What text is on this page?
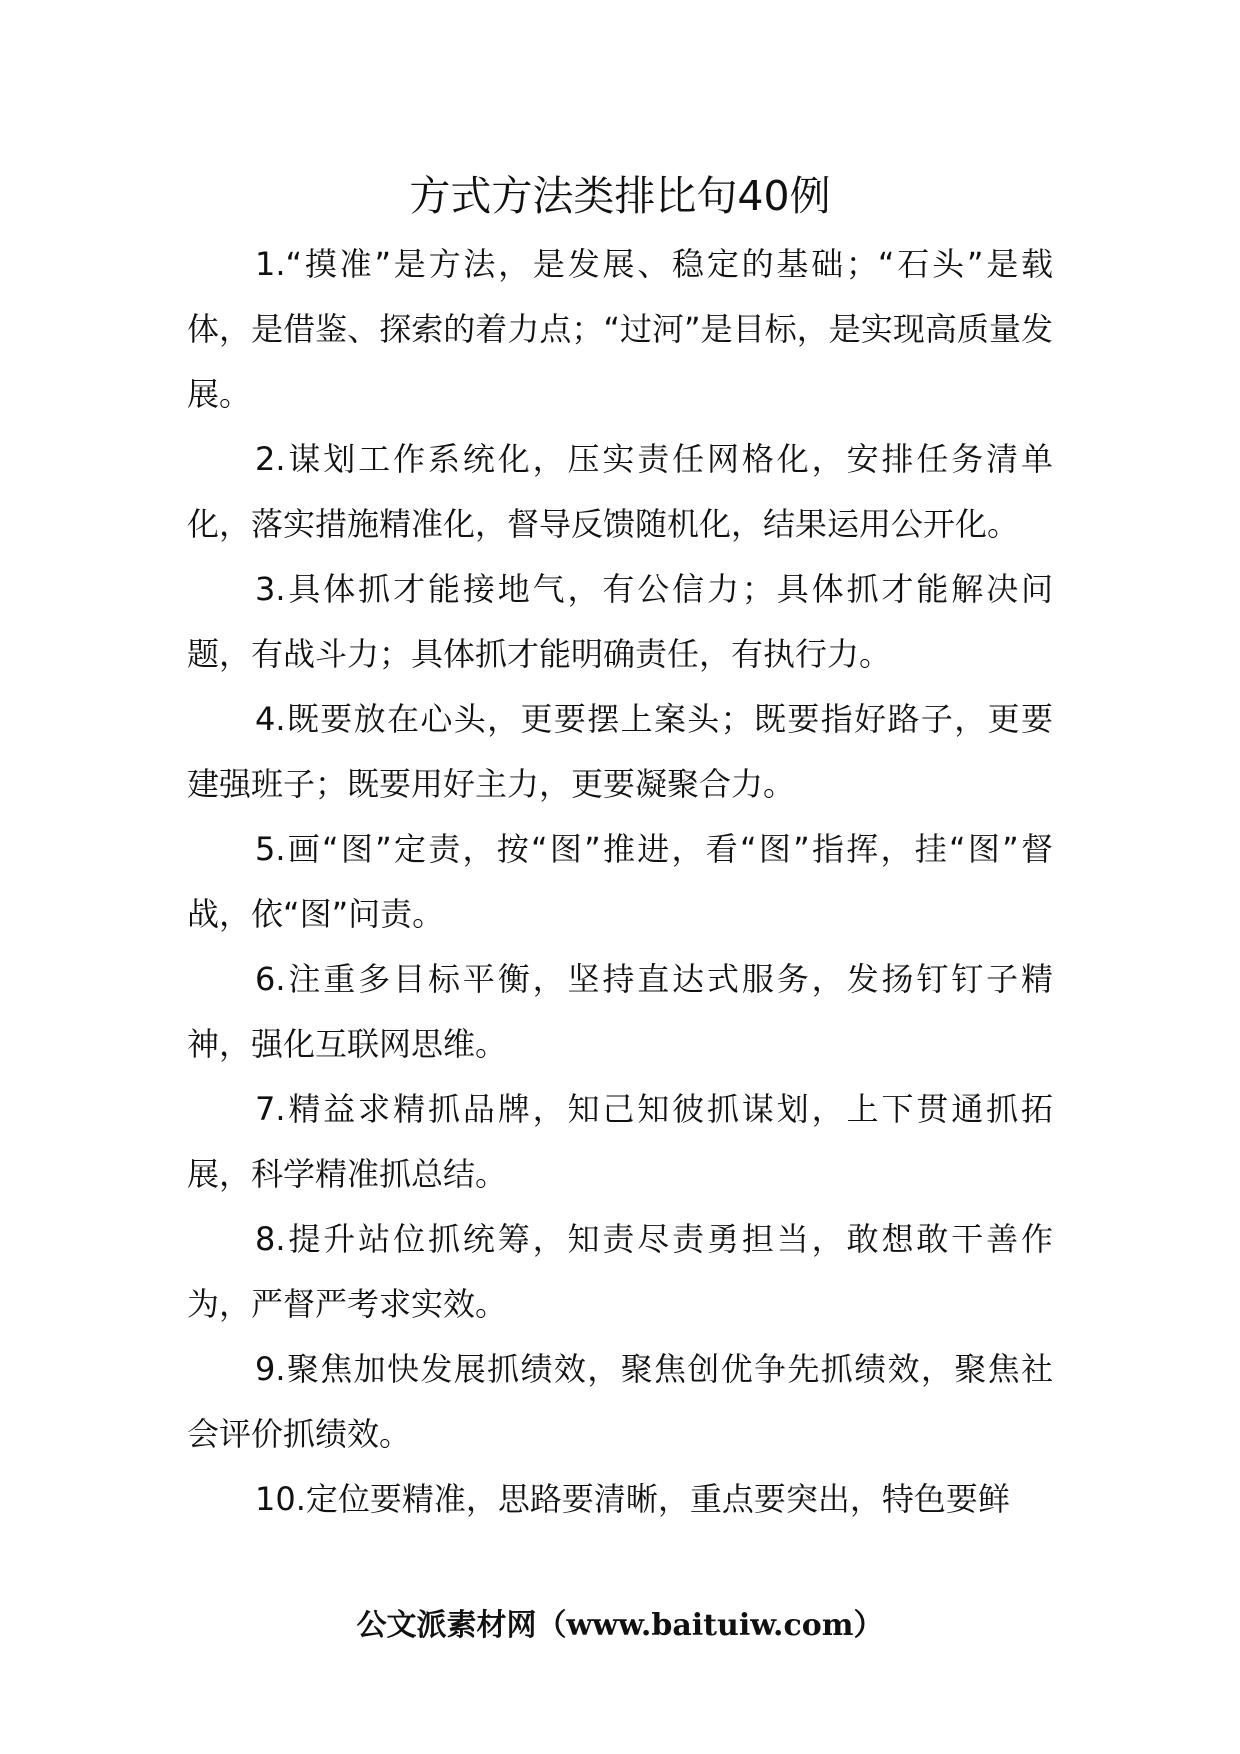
方式方法类排比句40例

1.“摸准”是方法，是发展、稳定的基础；“石头”是载体，是借鉴、探索的着力点；“过河”是目标，是实现高质量发展。

2.谋划工作系统化，压实责任网格化，安排任务清单化，落实措施精准化，督导反馈随机化，结果运用公开化。

3.具体抓才能接地气，有公信力；具体抓才能解决问题，有战斗力；具体抓才能明确责任，有执行力。

4.既要放在心头，更要摆上案头；既要指好路子，更要建强班子；既要用好主力，更要凝聚合力。

5.画“图”定责，按“图”推进，看“图”指挥，挂“图”督战，依“图”问责。

6.注重多目标平衡，坚持直达式服务，发扬钉钉子精神，强化互联网思维。

7.精益求精抓品牌，知己知彼抓谋划，上下贯通抓拓展，科学精准抓总结。

8.提升站位抓统筹，知责尽责勇担当，敢想敢干善作为，严督严考求实效。

9.聚焦加快发展抓绩效，聚焦创优争先抓绩效，聚焦社会评价抓绩效。

10.定位要精准，思路要清晰，重点要突出，特色要鲜

公文派素材网（www.baituiw.com）
